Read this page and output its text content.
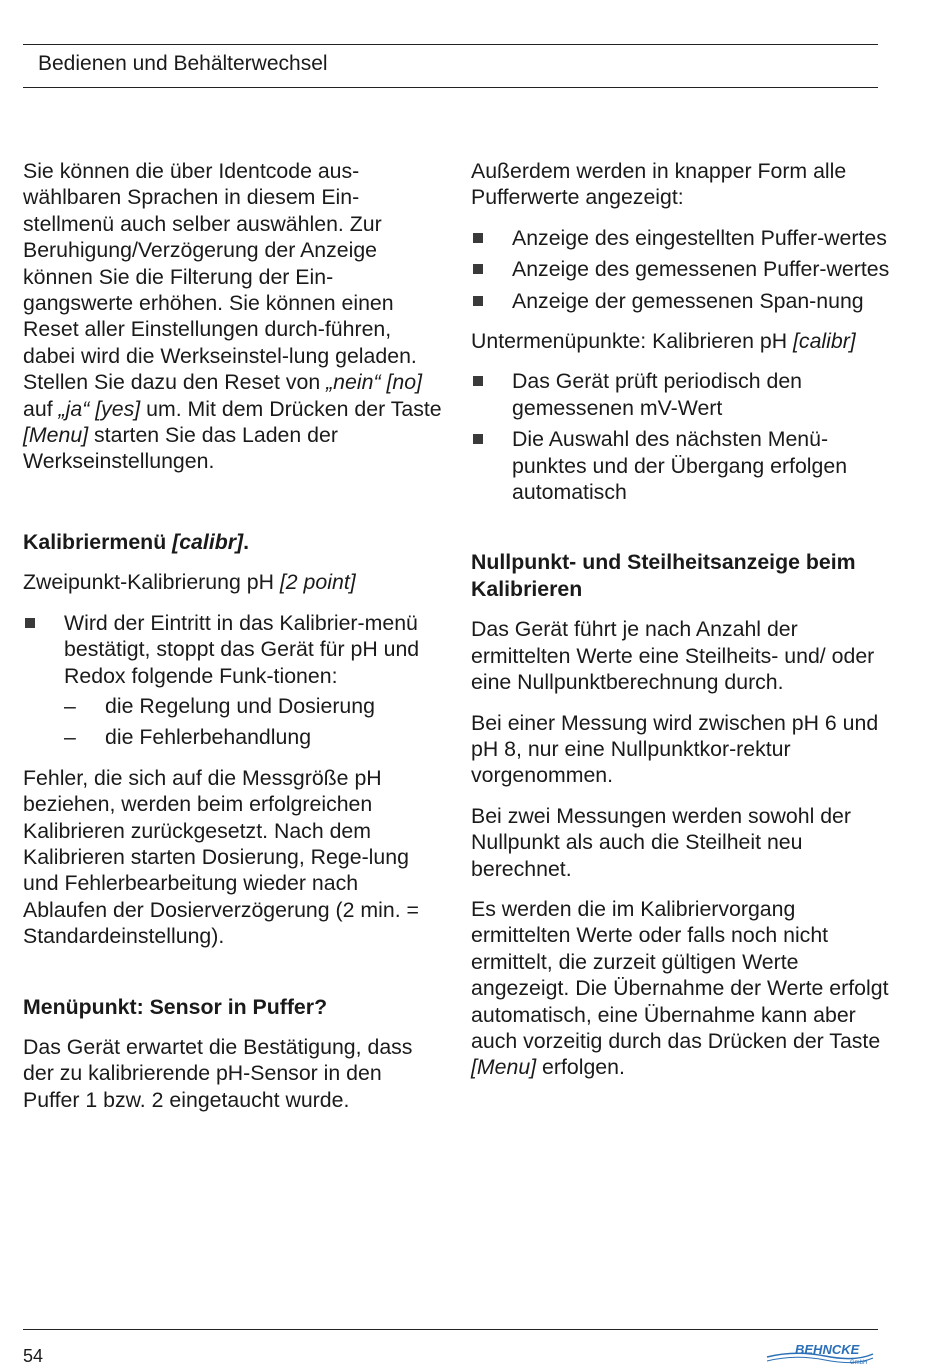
Bedienen und Behälterwechsel

Sie können die über Identcode aus-wählbaren Sprachen in diesem Ein-stellmenü auch selber auswählen. Zur Beruhigung/Verzögerung der Anzeige können Sie die Filterung der Ein-gangswerte erhöhen. Sie können einen Reset aller Einstellungen durch-führen, dabei wird die Werkseinstel-lung geladen. Stellen Sie dazu den Reset von „nein“ [no] auf „ja“ [yes] um. Mit dem Drücken der Taste [Menu] starten Sie das Laden der Werkseinstellungen.

Kalibriermenü [calibr].

Zweipunkt-Kalibrierung pH [2 point]

Wird der Eintritt in das Kalibrier-menü bestätigt, stoppt das Gerät für pH und Redox folgende Funk-tionen:
– die Regelung und Dosierung
– die Fehlerbehandlung

Fehler, die sich auf die Messgröße pH beziehen, werden beim erfolgreichen Kalibrieren zurückgesetzt. Nach dem Kalibrieren starten Dosierung, Rege-lung und Fehlerbearbeitung wieder nach Ablaufen der Dosierverzögerung (2 min. = Standardeinstellung).

Menüpunkt: Sensor in Puffer?

Das Gerät erwartet die Bestätigung, dass der zu kalibrierende pH-Sensor in den Puffer 1 bzw. 2 eingetaucht wurde.

Außerdem werden in knapper Form alle Pufferwerte angezeigt:

Anzeige des eingestellten Puffer-wertes
Anzeige des gemessenen Puffer-wertes
Anzeige der gemessenen Span-nung

Untermenüpunkte: Kalibrieren pH [calibr]

Das Gerät prüft periodisch den gemessenen mV-Wert
Die Auswahl des nächsten Menü-punktes und der Übergang erfolgen automatisch
Nullpunkt- und Steilheitsanzeige beim Kalibrieren

Das Gerät führt je nach Anzahl der ermittelten Werte eine Steilheits- und/ oder eine Nullpunktberechnung durch.

Bei einer Messung wird zwischen pH 6 und pH 8, nur eine Nullpunktkor-rektur vorgenommen.

Bei zwei Messungen werden sowohl der Nullpunkt als auch die Steilheit neu berechnet.

Es werden die im Kalibriervorgang ermittelten Werte oder falls noch nicht ermittelt, die zurzeit gültigen Werte angezeigt. Die Übernahme der Werte erfolgt automatisch, eine Übernahme kann aber auch vorzeitig durch das Drücken der Taste [Menu] erfolgen.

54	BEHNCKE
GmbH
